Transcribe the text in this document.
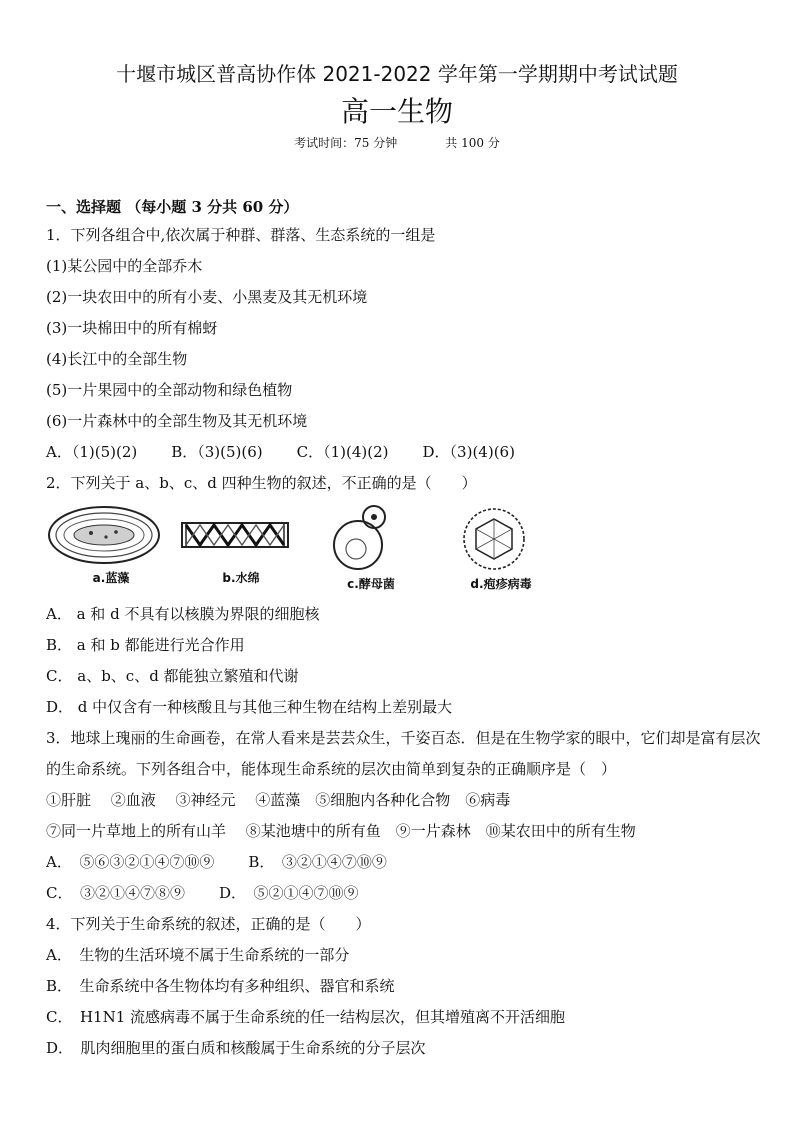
十堰市城区普高协作体 2021-2022 学年第一学期期中考试试题
高一生物
考试时间：75 分钟	共 100 分
一、选择题 （每小题 3 分共 60 分）
1．下列各组合中,依次属于种群、群落、生态系统的一组是
(1)某公园中的全部乔木
(2)一块农田中的所有小麦、小黑麦及其无机环境
(3)一块棉田中的所有棉蚜
(4)长江中的全部生物
(5)一片果园中的全部动物和绿色植物
(6)一片森林中的全部生物及其无机环境
A．（1)(5)(2) B．（3)(5)(6) C．（1)(4)(2) D．（3)(4)(6)
2．下列关于 a、b、c、d 四种生物的叙述，不正确的是（　　）
a.蓝藻	b.水绵	c.酵母菌	d.疱疹病毒
A． a 和 d 不具有以核膜为界限的细胞核
B． a 和 b 都能进行光合作用
C． a、b、c、d 都能独立繁殖和代谢
D． d 中仅含有一种核酸且与其他三种生物在结构上差别最大
3．地球上瑰丽的生命画卷，在常人看来是芸芸众生，千姿百态．但是在生物学家的眼中，它们却是富有层次的生命系统。下列各组合中，能体现生命系统的层次由简单到复杂的正确顺序是（　）
①肝脏　 ②血液　 ③神经元　 ④蓝藻　⑤细胞内各种化合物　⑥病毒
⑦同一片草地上的所有山羊　 ⑧某池塘中的所有鱼　⑨一片森林　⑩某农田中的所有生物
A．　⑤⑥③②①④⑦⑩⑨ B．　③②①④⑦⑩⑨
C．　③②①④⑦⑧⑨ D．　⑤②①④⑦⑩⑨
4．下列关于生命系统的叙述，正确的是（　　）
A．　生物的生活环境不属于生命系统的一部分
B．　生命系统中各生物体均有多种组织、器官和系统
C．　H1N1 流感病毒不属于生命系统的任一结构层次，但其增殖离不开活细胞
D．　肌肉细胞里的蛋白质和核酸属于生命系统的分子层次
